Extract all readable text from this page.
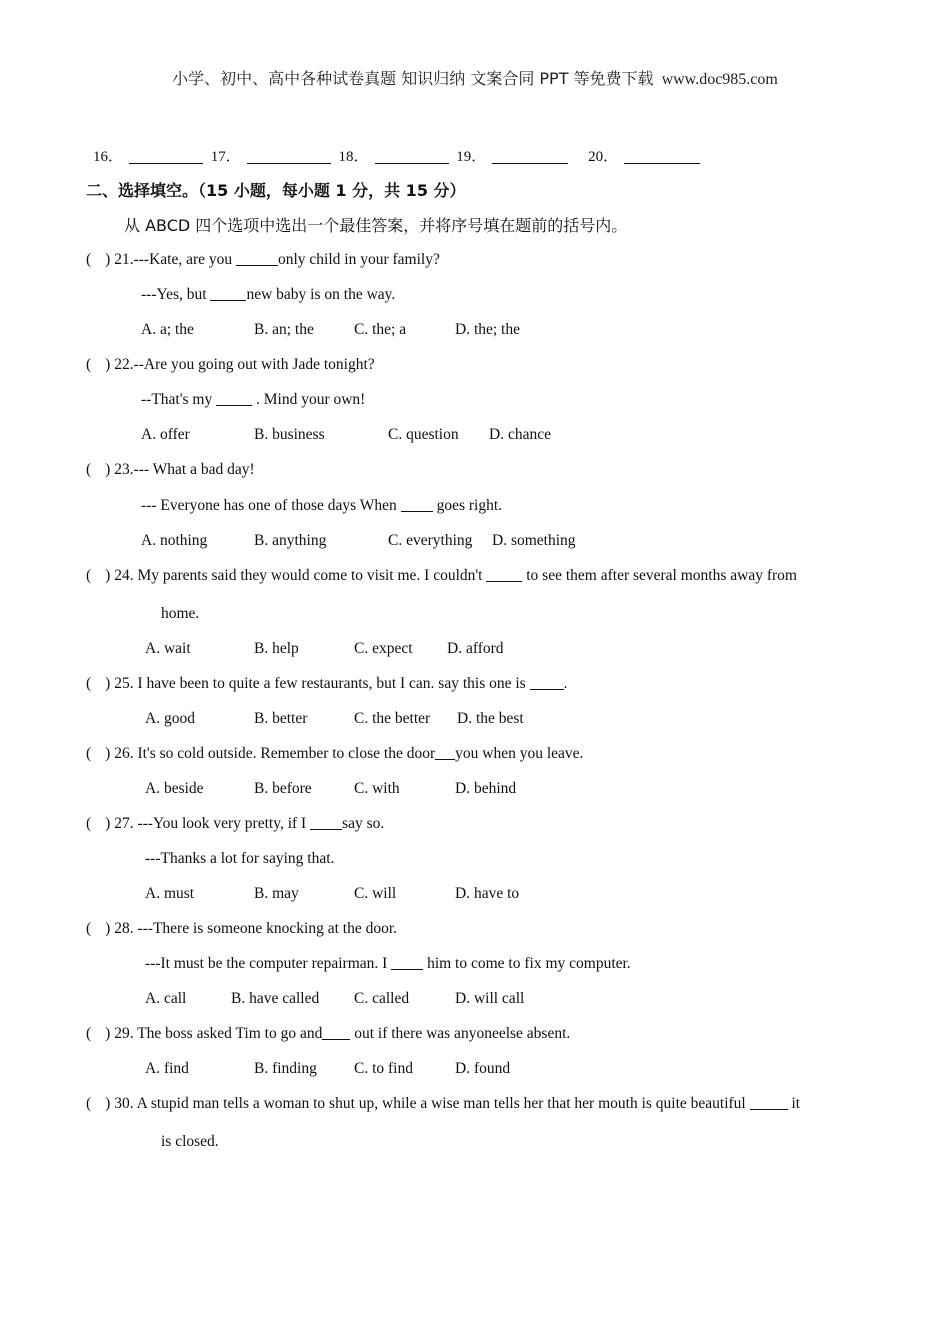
小学、初中、高中各种试卷真题 知识归纳 文案合同 PPT 等免费下载 www.doc985.com
16．	17．	18．	19．	20．
二、选择填空。（15 小题，每小题 1 分，共 15 分）
从 ABCD 四个选项中选出一个最佳答案，并将序号填在题前的括号内。
( ) 21.---Kate, are you	only child in your family?
---Yes, but	new baby is on the way.
A. a; the	B. an; the	C. the; a	D. the; the
( ) 22.--Are you going out with Jade tonight?
--That's my	. Mind your own!
A. offer	B. business	C. question D. chance
( ) 23.--- What a bad day!
--- Everyone has one of those days When	goes right.
A. nothing	B. anything	C. everything D. something
( ) 24. My parents said they would come to visit me. I couldn't	to see them after several months away from
home.
A. wait	B. help	C. expect D. afford
( ) 25. I have been to quite a few restaurants, but I can. say this one is .
A. good	B. better	C. the better D. the best
( ) 26. It's so cold outside. Remember to close the door you when you leave.
A. beside	B. before	C. with	D. behind
( ) 27. ---You look very pretty, if I say so.
---Thanks a lot for saying that.
A. must	B. may	C. will	D. have to
( ) 28. ---There is someone knocking at the door.
---It must be the computer repairman. I	him to come to fix my computer.
A. call	B. have called C. called	D. will call
( ) 29. The boss asked Tim to go and out if there was anyoneelse absent.
A. find	B. finding C. to find	D. found
( ) 30. A stupid man tells a woman to shut up, while a wise man tells her that her mouth is quite beautiful	it
is closed.
